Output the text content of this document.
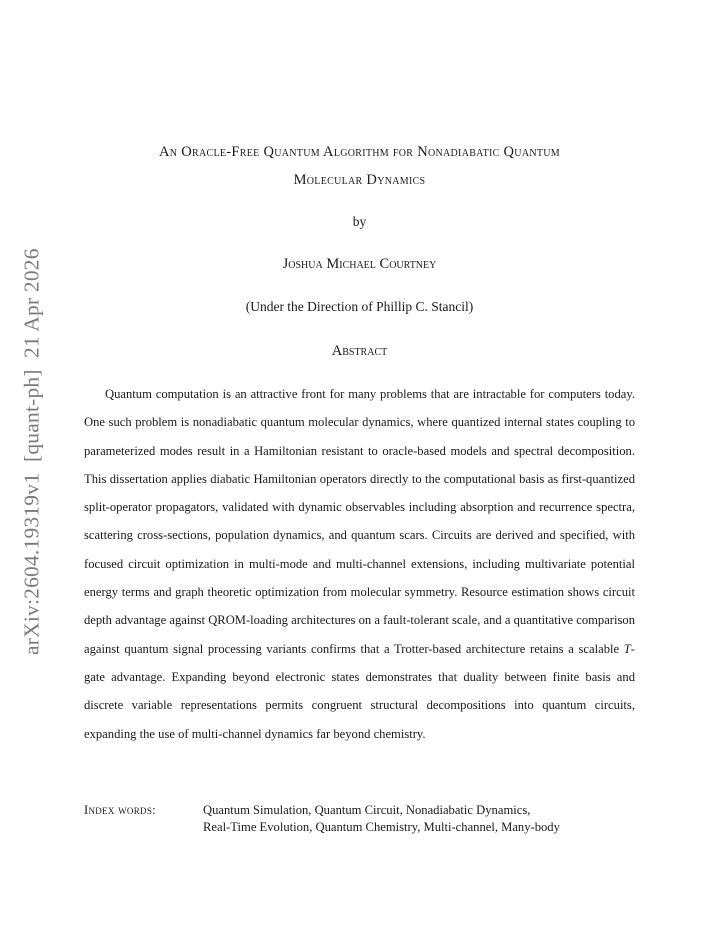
arXiv:2604.19319v1

[quant-ph]

21 Apr 2026
An Oracle-Free Quantum Algorithm for Nonadiabatic Quantum
Molecular Dynamics
by
Joshua Michael Courtney
(Under the Direction of Phillip C. Stancil)
Abstract

Quantum computation is an attractive front for many problems that are intractable for computers today. One such problem is nonadiabatic quantum molecular dynamics, where quantized internal states coupling to parameterized modes result in a Hamiltonian resistant to oracle-based models and spectral decomposition. This dissertation applies diabatic Hamiltonian operators directly to the computational basis as first-quantized split-operator propagators, validated with dynamic observables including absorption and recurrence spectra, scattering cross-sections, population dynamics, and quantum scars. Circuits are derived and specified, with focused circuit optimization in multi-mode and multi-channel extensions, including multivariate potential energy terms and graph theoretic optimization from molecular symmetry. Resource estimation shows circuit depth advantage against QROM-loading architectures on a fault-tolerant scale, and a quantitative comparison against quantum signal processing variants confirms that a Trotter-based architecture retains a scalable T-gate advantage. Expanding beyond electronic states demonstrates that duality between finite basis and discrete variable representations permits congruent structural decompositions into quantum circuits, expanding the use of multi-channel dynamics far beyond chemistry.

Index words:	Quantum Simulation, Quantum Circuit, Nonadiabatic Dynamics,
Real-Time Evolution, Quantum Chemistry, Multi-channel, Many-body
